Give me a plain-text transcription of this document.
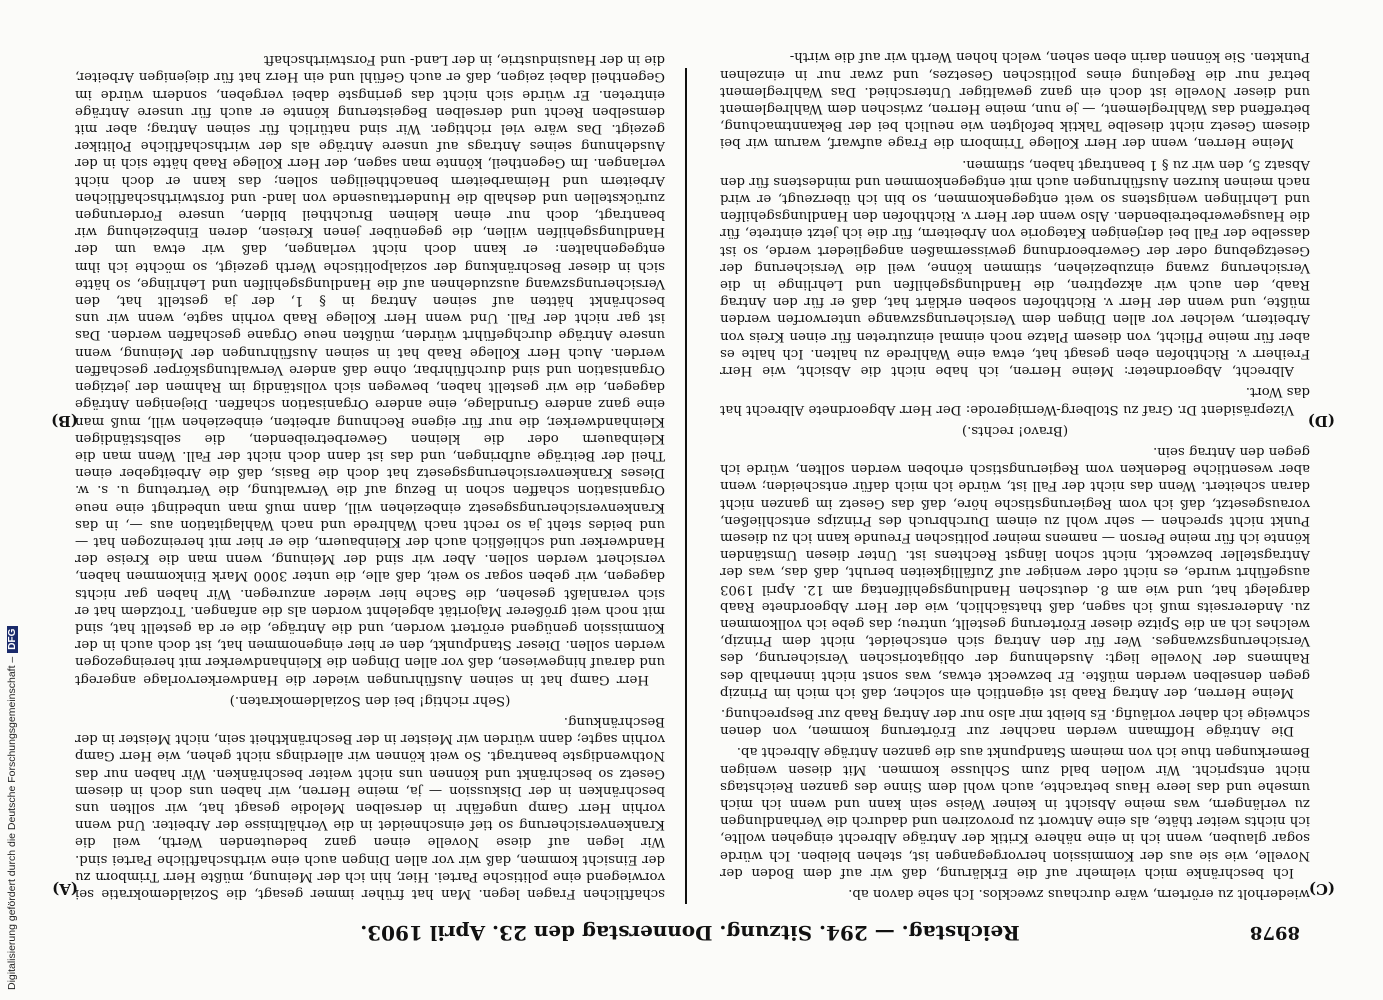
8978
Reichstag. — 294. Sitzung. Donnerstag den 23. April 1903.
(A)
(B)
(C)
(D)

wiederholt zu erörtern, wäre durchaus zwecklos. Ich sehe davon ab.

Ich beschränke mich vielmehr auf die Erklärung, daß wir auf dem Boden der Novelle, wie sie aus der Kommission hervorgegangen ist, stehen bleiben. Ich würde sogar glauben, wenn ich in eine nähere Kritik der Anträge Albrecht eingehen wollte, ich nichts weiter thäte, als eine Antwort zu provoziren und dadurch die Verhandlungen zu verlängern, was meine Absicht in keiner Weise sein kann und wenn ich mich umsehe und das leere Haus betrachte, auch wohl dem Sinne des ganzen Reichstags nicht entspricht. Wir wollen bald zum Schlusse kommen. Mit diesen wenigen Bemerkungen thue ich von meinem Standpunkt aus die ganzen Anträge Albrecht ab.

Die Anträge Hoffmann werden nachher zur Erörterung kommen, von denen schweige ich daher vorläufig. Es bleibt mir also nur der Antrag Raab zur Besprechung.

Meine Herren, der Antrag Raab ist eigentlich ein solcher, daß ich mich im Prinzip gegen denselben werden müßte. Er bezweckt etwas, was sonst nicht innerhalb des Rahmens der Novelle liegt: Ausdehnung der obligatorischen Versicherung, des Versicherungszwanges. Wer für den Antrag sich entscheidet, nicht dem Prinzip, welches ich an die Spitze dieser Erörterung gestellt, untreu; das gebe ich vollkommen zu. Andererseits muß ich sagen, daß thatsächlich, wie der Herr Abgeordnete Raab dargelegt hat, und wie am 8. deutschen Handlungsgehilfentag am 12. April 1903 ausgeführt wurde, es nicht oder weniger auf Zufälligkeiten beruht, daß das, was der Antragsteller bezweckt, nicht schon längst Rechtens ist. Unter diesen Umständen könnte ich für meine Person — namens meiner politischen Freunde kann ich zu diesem Punkt nicht sprechen — sehr wohl zu einem Durchbruch des Prinzips entschließen, vorausgesetzt, daß ich vom Regierungstische höre, daß das Gesetz im ganzen nicht daran scheitert. Wenn das nicht der Fall ist, würde ich mich dafür entscheiden; wenn aber wesentliche Bedenken vom Regierungstisch erhoben werden sollten, würde ich gegen den Antrag sein.

(Bravo! rechts.)

Vizepräsident Dr. Graf zu Stolberg-Wernigerode: Der Herr Abgeordnete Albrecht hat das Wort.

Albrecht, Abgeordneter: Meine Herren, ich habe nicht die Absicht, wie Herr Freiherr v. Richthofen eben gesagt hat, etwa eine Wahlrede zu halten. Ich halte es aber für meine Pflicht, von diesem Platze noch einmal einzutreten für einen Kreis von Arbeitern, welcher vor allen Dingen dem Versicherungszwange unterworfen werden müßte, und wenn der Herr v. Richthofen soeben erklärt hat, daß er für den Antrag Raab, den auch wir akzeptiren, die Handlungsgehilfen und Lehrlinge in die Versicherung zwang einzubeziehen, stimmen könne, weil die Versicherung der Gesetzgebung oder der Gewerbeordnung gewissermaßen angegliedert werde, so ist dasselbe der Fall bei derjenigen Kategorie von Arbeitern, für die ich jetzt eintrete, für die Hausgewerbetreibenden. Also wenn der Herr v. Richthofen den Handlungsgehilfen und Lehrlingen wenigstens so weit entgegenkommen, so bin ich überzeugt, er wird nach meinen kurzen Ausführungen auch mit entgegenkommen und mindestens für den Absatz 5, den wir zu § 1 beantragt haben, stimmen.

Meine Herren, wenn der Herr Kollege Trimborn die Frage aufwarf, warum wir bei diesem Gesetz nicht dieselbe Taktik befolgten wie neulich bei der Bekanntmachung, betreffend das Wahlreglement, — je nun, meine Herren, zwischen dem Wahlreglement und dieser Novelle ist doch ein ganz gewaltiger Unterschied. Das Wahlreglement betraf nur die Regelung eines politischen Gesetzes, und zwar nur in einzelnen Punkten. Sie können darin eben sehen, welch hohen Werth wir auf die wirth-

schaftlichen Fragen legen. Man hat früher immer gesagt, die Sozialdemokratie sei vorwiegend eine politische Partei. Hier, hin ich der Meinung, müßte Herr Trimborn zu der Einsicht kommen, daß wir vor allen Dingen auch eine wirthschaftliche Partei sind. Wir legen auf diese Novelle einen ganz bedeutenden Werth, weil die Krankenversicherung so tief einschneidet in die Verhältnisse der Arbeiter. Und wenn vorhin Herr Gamp ungefähr in derselben Melodie gesagt hat, wir sollten uns beschränken in der Diskussion — ja, meine Herren, wir haben uns doch in diesem Gesetz so beschränkt und können uns nicht weiter beschränken. Wir haben nur das Nothwendigste beantragt. So weit können wir allerdings nicht gehen, wie Herr Gamp vorhin sagte; dann würden wir Meister in der Beschränktheit sein, nicht Meister in der Beschränkung.

(Sehr richtig! bei den Sozialdemokraten.)

Herr Gamp hat in seinen Ausführungen wieder die Handwerkervorlage angeregt und darauf hingewiesen, daß vor allen Dingen die Kleinhandwerker mit hereingezogen werden sollen. Dieser Standpunkt, den er hier eingenommen hat, ist doch auch in der Kommission genügend erörtert worden, und die Anträge, die er da gestellt hat, sind mit noch weit größerer Majorität abgelehnt worden als die anfangen. Trotzdem hat er sich veranlaßt gesehen, die Sache hier wieder anzuregen. Wir haben gar nichts dagegen, wir geben sogar so weit, daß alle, die unter 3000 Mark Einkommen haben, versichert werden sollen. Aber wir sind der Meinung, wenn man die Kreise der Handwerker und schließlich auch der Kleinbauern, die er hier mit hereinzogen hat — und beides steht ja so recht nach Wahlrede und nach Wahlagitation aus —, in das Krankenversicherungsgesetz einbeziehen will, dann muß man unbedingt eine neue Organisation schaffen schon in Bezug auf die Verwaltung, die Vertretung u. s. w. Dieses Krankenversicherungsgesetz hat doch die Basis, daß die Arbeitgeber einen Theil der Beiträge aufbringen, und das ist dann doch nicht der Fall. Wenn man die Kleinbauern oder die kleinen Gewerbetreibenden, die selbstständigen Kleinhandwerker, die nur für eigene Rechnung arbeiten, einbeziehen will, muß man eine ganz andere Grundlage, eine andere Organisation schaffen. Diejenigen Anträge dagegen, die wir gestellt haben, bewegen sich vollständig im Rahmen der jetzigen Organisation und sind durchführbar, ohne daß andere Verwaltungskörper geschaffen werden. Auch Herr Kollege Raab hat in seinen Ausführungen der Meinung, wenn unsere Anträge durchgeführt würden, müßten neue Organe geschaffen werden. Das ist gar nicht der Fall. Und wenn Herr Kollege Raab vorhin sagte, wenn wir uns beschränkt hätten auf seinen Antrag in § 1, der ja gestellt hat, den Versicherungszwang auszudehnen auf die Handlungsgehilfen und Lehrlinge, so hätte sich in dieser Beschränkung der sozialpolitische Werth gezeigt, so möchte ich ihm entgegenhalten: er kann doch nicht verlangen, daß wir etwa um der Handlungsgehilfen willen, die gegenüber jenen Kreisen, deren Einbeziehung wir beantragt, doch nur einen kleinen Bruchtheil bilden, unsere Forderungen zurückstellen und deshalb die Hunderttausende von land- und forstwirthschaftlichen Arbeitern und Heimarbeitern benachtheiligen sollen; das kann er doch nicht verlangen. Im Gegentheil, könnte man sagen, der Herr Kollege Raab hätte sich in der Ausdehnung seines Antrags auf unsere Anträge als der wirthschaftliche Politiker gezeigt. Das wäre viel richtiger. Wir sind natürlich für seinen Antrag; aber mit demselben Recht und derselben Begeisterung könnte er auch für unsere Anträge eintreten. Er würde sich nicht das geringste dabei vergeben, sondern würde im Gegentheil dabei zeigen, daß er auch Gefühl und ein Herz hat für diejenigen Arbeiter, die in der Hausindustrie, in der Land- und Forstwirthschaft

Digitalisierung gefördert durch die Deutsche Forschungsgemeinschaft –DFG
